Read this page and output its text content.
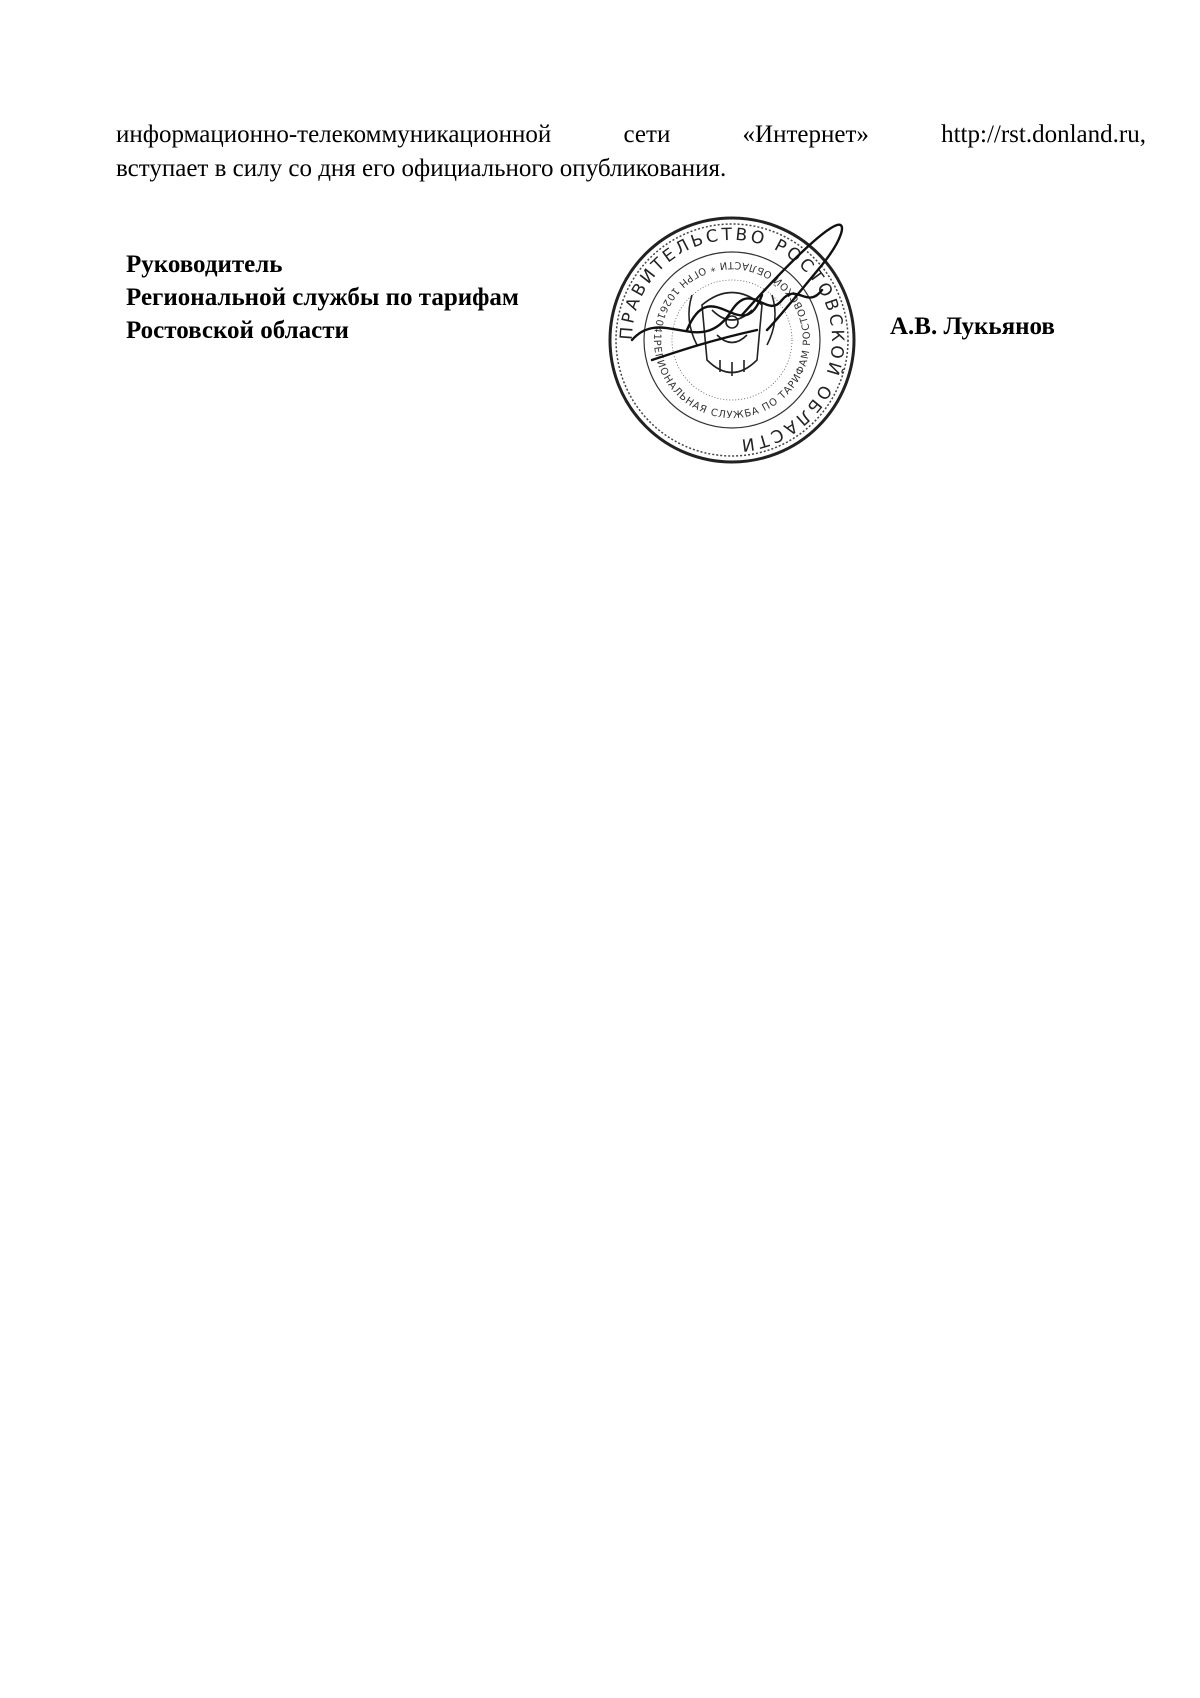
информационно-телекоммуникационной	сети	«Интернет»	http://rst.donland.ru,
вступает в силу со дня его официального опубликования.
Руководитель
Региональной службы по тарифам
Ростовской области	ПРАВИТЕЛЬСТВО РОСТОВСКОЙ ОБЛАСТИ
РЕГИОНАЛЬНАЯ СЛУЖБА ПО ТАРИФАМ РОСТОВСКОЙ ОБЛАСТИ * ОГРН 10261041	А.В. Лукьянов
